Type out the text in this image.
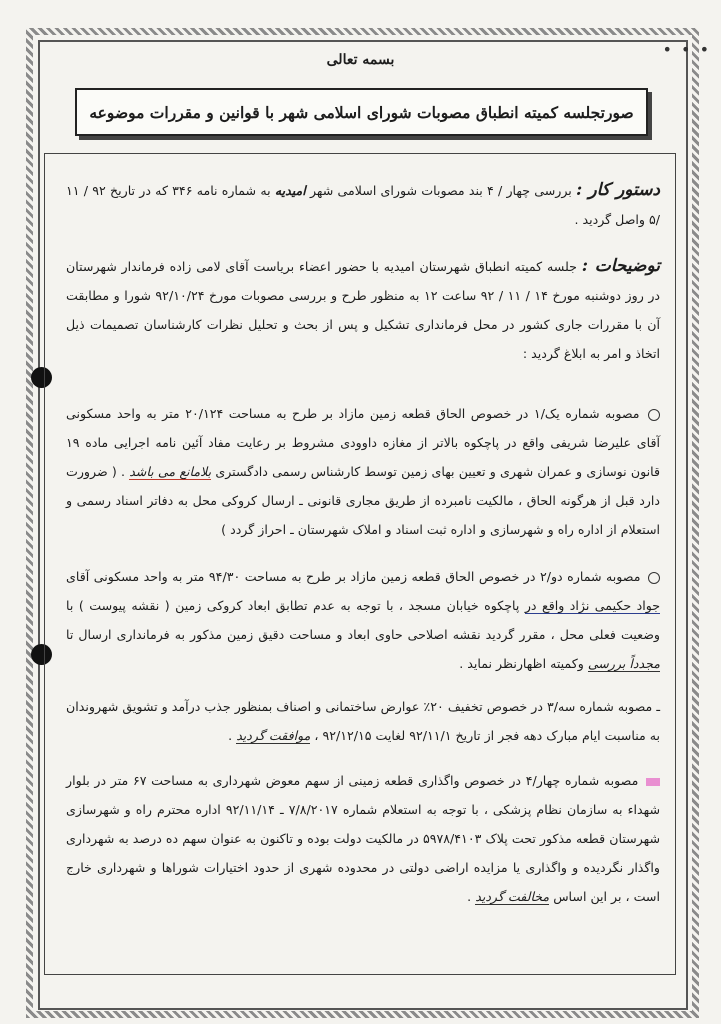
• • •
بسمه تعالی
صورتجلسه کمیته انطباق مصوبات شورای اسلامی شهر با قوانین و مقررات موضوعه

دستور کار : بررسی چهار / ۴ بند مصوبات شورای اسلامی شهر امیدیه به شماره نامه ۳۴۶ که در تاریخ ۹۲ / ۱۱ /۵ واصل گردید .

توضیحات : جلسه کمیته انطباق شهرستان امیدیه با حضور اعضاء بریاست آقای لامی زاده فرماندار شهرستان در روز دوشنبه مورخ ۱۴ / ۱۱ / ۹۲ ساعت ۱۲ به منظور طرح و بررسی مصوبات مورخ ۹۲/۱۰/۲۴ شورا و مطابقت آن با مقررات جاری کشور در محل فرمانداری تشکیل و پس از بحث و تحلیل نظرات کارشناسان تصمیمات ذیل اتخاذ و امر به ابلاغ گردید :

مصوبه شماره یک/۱ در خصوص الحاق قطعه زمین مازاد بر طرح به مساحت ۲۰/۱۲۴ متر به واحد مسکونی آقای علیرضا شریفی واقع در پاچکوه بالاتر از مغازه داوودی مشروط بر رعایت مفاد آئین نامه اجرایی ماده ۱۹ قانون نوسازی و عمران شهری و تعیین بهای زمین توسط کارشناس رسمی دادگستری بلامانع می باشد . ( ضرورت دارد قبل از هرگونه الحاق ، مالکیت نامبرده از طریق مجاری قانونی ـ ارسال کروکی محل به دفاتر اسناد رسمی و استعلام از اداره راه و شهرسازی و اداره ثبت اسناد و املاک شهرستان ـ احراز گردد )

مصوبه شماره دو/۲ در خصوص الحاق قطعه زمین مازاد بر طرح به مساحت ۹۴/۳۰ متر به واحد مسکونی آقای جواد حکیمی نژاد واقع در پاچکوه خیابان مسجد ، با توجه به عدم تطابق ابعاد کروکی زمین ( نقشه پیوست ) با وضعیت فعلی محل ، مقرر گردید نقشه اصلاحی حاوی ابعاد و مساحت دقیق زمین مذکور به فرمانداری ارسال تا مجدداً بررسی وکمیته اظهارنظر نماید .

ـ مصوبه شماره سه/۳ در خصوص تخفیف ۲۰٪ عوارض ساختمانی و اصناف بمنظور جذب درآمد و تشویق شهروندان به مناسبت ایام مبارک دهه فجر از تاریخ ۹۲/۱۱/۱ لغایت ۹۲/۱۲/۱۵ ، موافقت گردید .

مصوبه شماره چهار/۴ در خصوص واگذاری قطعه زمینی از سهم معوض شهرداری به مساحت ۶۷ متر در بلوار شهداء به سازمان نظام پزشکی ، با توجه به استعلام شماره ۷/۸/۲۰۱۷ ـ ۹۲/۱۱/۱۴ اداره محترم راه و شهرسازی شهرستان قطعه مذکور تحت پلاک ۵۹۷۸/۴۱۰۳ در مالکیت دولت بوده و تاکنون به عنوان سهم ده درصد به شهرداری واگذار نگردیده و واگذاری یا مزایده اراضی دولتی در محدوده شهری از حدود اختیارات شوراها و شهرداری خارج است ، بر این اساس مخالفت گردید .
